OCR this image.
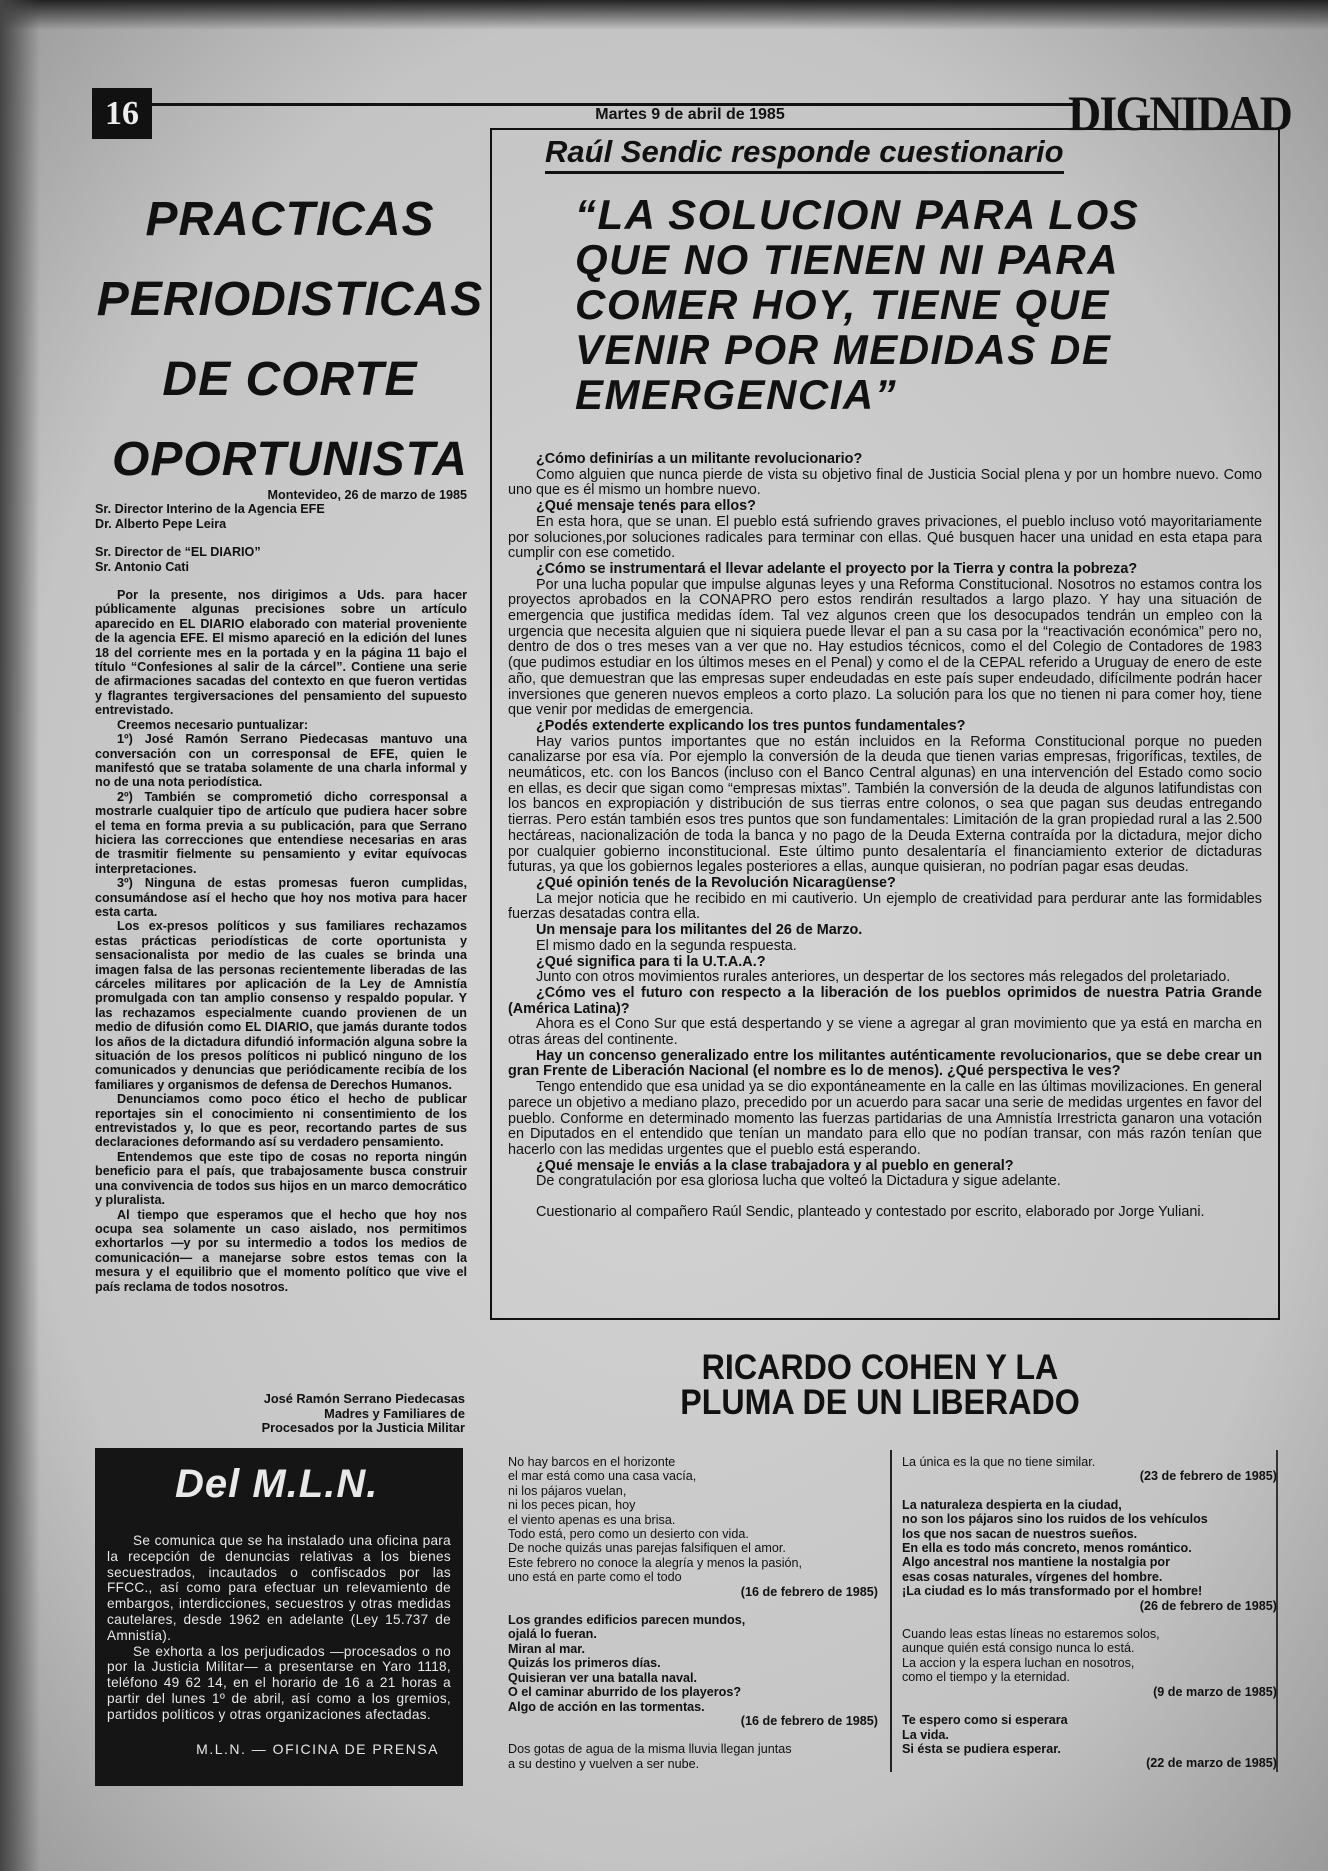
16	Martes 9 de abril de 1985	DIGNIDAD
PRACTICAS
PERIODISTICAS
DE CORTE
OPORTUNISTA
Montevideo, 26 de marzo de 1985
Sr. Director Interino de la Agencia EFE
Dr. Alberto Pepe Leira
Sr. Director de “EL DIARIO”
Sr. Antonio Cati

Por la presente, nos dirigimos a Uds. para hacer públicamente algunas precisiones sobre un artículo aparecido en EL DIARIO elaborado con material proveniente de la agencia EFE. El mismo apareció en la edición del lunes 18 del corriente mes en la portada y en la página 11 bajo el título “Confesiones al salir de la cárcel”. Contiene una serie de afirmaciones sacadas del contexto en que fueron vertidas y flagrantes tergiversaciones del pensamiento del supuesto entrevistado.

Creemos necesario puntualizar:

1º) José Ramón Serrano Piedecasas mantuvo una conversación con un corresponsal de EFE, quien le manifestó que se trataba solamente de una charla informal y no de una nota periodística.

2º) También se comprometió dicho corresponsal a mostrarle cualquier tipo de artículo que pudiera hacer sobre el tema en forma previa a su publicación, para que Serrano hiciera las correcciones que entendiese necesarias en aras de trasmitir fielmente su pensamiento y evitar equívocas interpretaciones.

3º) Ninguna de estas promesas fueron cumplidas, consumándose así el hecho que hoy nos motiva para hacer esta carta.

Los ex-presos políticos y sus familiares rechazamos estas prácticas periodísticas de corte oportunista y sensacionalista por medio de las cuales se brinda una imagen falsa de las personas recientemente liberadas de las cárceles militares por aplicación de la Ley de Amnistía promulgada con tan amplio consenso y respaldo popular. Y las rechazamos especialmente cuando provienen de un medio de difusión como EL DIARIO, que jamás durante todos los años de la dictadura difundió información alguna sobre la situación de los presos políticos ni publicó ninguno de los comunicados y denuncias que periódicamente recibía de los familiares y organismos de defensa de Derechos Humanos.

Denunciamos como poco ético el hecho de publicar reportajes sin el conocimiento ni consentimiento de los entrevistados y, lo que es peor, recortando partes de sus declaraciones deformando así su verdadero pensamiento.

Entendemos que este tipo de cosas no reporta ningún beneficio para el país, que trabajosamente busca construir una convivencia de todos sus hijos en un marco democrático y pluralista.

Al tiempo que esperamos que el hecho que hoy nos ocupa sea solamente un caso aislado, nos permitimos exhortarlos —y por su intermedio a todos los medios de comunicación— a manejarse sobre estos temas con la mesura y el equilibrio que el momento político que vive el país reclama de todos nosotros.

José Ramón Serrano Piedecasas
Madres y Familiares de
Procesados por la Justicia Militar
Del M.L.N.

Se comunica que se ha instalado una oficina para la recepción de denuncias relativas a los bienes secuestrados, incautados o confiscados por las FFCC., así como para efectuar un relevamiento de embargos, interdicciones, secuestros y otras medidas cautelares, desde 1962 en adelante (Ley 15.737 de Amnistía).

Se exhorta a los perjudicados —procesados o no por la Justicia Militar— a presentarse en Yaro 1118, teléfono 49 62 14, en el horario de 16 a 21 horas a partir del lunes 1º de abril, así como a los gremios, partidos políticos y otras organizaciones afectadas.

M.L.N. — OFICINA DE PRENSA
Raúl Sendic responde cuestionario
“LA SOLUCION PARA LOS
QUE NO TIENEN NI PARA
COMER HOY, TIENE QUE
VENIR POR MEDIDAS DE
EMERGENCIA”

¿Cómo definirías a un militante revolucionario?

Como alguien que nunca pierde de vista su objetivo final de Justicia Social plena y por un hombre nuevo. Como uno que es él mismo un hombre nuevo.

¿Qué mensaje tenés para ellos?

En esta hora, que se unan. El pueblo está sufriendo graves privaciones, el pueblo incluso votó mayoritariamente por soluciones,por soluciones radicales para terminar con ellas. Qué busquen hacer una unidad en esta etapa para cumplir con ese cometido.

¿Cómo se instrumentará el llevar adelante el proyecto por la Tierra y contra la pobreza?

Por una lucha popular que impulse algunas leyes y una Reforma Constitucional. Nosotros no estamos contra los proyectos aprobados en la CONAPRO pero estos rendirán resultados a largo plazo. Y hay una situación de emergencia que justifica medidas ídem. Tal vez algunos creen que los desocupados tendrán un empleo con la urgencia que necesita alguien que ni siquiera puede llevar el pan a su casa por la “reactivación económica” pero no, dentro de dos o tres meses van a ver que no. Hay estudios técnicos, como el del Colegio de Contadores de 1983 (que pudimos estudiar en los últimos meses en el Penal) y como el de la CEPAL referido a Uruguay de enero de este año, que demuestran que las empresas super endeudadas en este país super endeudado, difícilmente podrán hacer inversiones que generen nuevos empleos a corto plazo. La solución para los que no tienen ni para comer hoy, tiene que venir por medidas de emergencia.

¿Podés extenderte explicando los tres puntos fundamentales?

Hay varios puntos importantes que no están incluidos en la Reforma Constitucional porque no pueden canalizarse por esa vía. Por ejemplo la conversión de la deuda que tienen varias empresas, frigoríficas, textiles, de neumáticos, etc. con los Bancos (incluso con el Banco Central algunas) en una intervención del Estado como socio en ellas, es decir que sigan como “empresas mixtas”. También la conversión de la deuda de algunos latifundistas con los bancos en expropiación y distribución de sus tierras entre colonos, o sea que pagan sus deudas entregando tierras. Pero están también esos tres puntos que son fundamentales: Limitación de la gran propiedad rural a las 2.500 hectáreas, nacionalización de toda la banca y no pago de la Deuda Externa contraída por la dictadura, mejor dicho por cualquier gobierno inconstitucional. Este último punto desalentaría el financiamiento exterior de dictaduras futuras, ya que los gobiernos legales posteriores a ellas, aunque quisieran, no podrían pagar esas deudas.

¿Qué opinión tenés de la Revolución Nicaragüense?

La mejor noticia que he recibido en mi cautiverio. Un ejemplo de creatividad para perdurar ante las formidables fuerzas desatadas contra ella.

Un mensaje para los militantes del 26 de Marzo.

El mismo dado en la segunda respuesta.

¿Qué significa para ti la U.T.A.A.?

Junto con otros movimientos rurales anteriores, un despertar de los sectores más relegados del proletariado.

¿Cómo ves el futuro con respecto a la liberación de los pueblos oprimidos de nuestra Patria Grande (América Latina)?

Ahora es el Cono Sur que está despertando y se viene a agregar al gran movimiento que ya está en marcha en otras áreas del continente.

Hay un concenso generalizado entre los militantes auténticamente revolucionarios, que se debe crear un gran Frente de Liberación Nacional (el nombre es lo de menos). ¿Qué perspectiva le ves?

Tengo entendido que esa unidad ya se dio expontáneamente en la calle en las últimas movilizaciones. En general parece un objetivo a mediano plazo, precedido por un acuerdo para sacar una serie de medidas urgentes en favor del pueblo. Conforme en determinado momento las fuerzas partidarias de una Amnistía Irrestricta ganaron una votación en Diputados en el entendido que tenían un mandato para ello que no podían transar, con más razón tenían que hacerlo con las medidas urgentes que el pueblo está esperando.

¿Qué mensaje le enviás a la clase trabajadora y al pueblo en general?

De congratulación por esa gloriosa lucha que volteó la Dictadura y sigue adelante.

Cuestionario al compañero Raúl Sendic, planteado y contestado por escrito, elaborado por Jorge Yuliani.

RICARDO COHEN Y LA
PLUMA DE UN LIBERADO
No hay barcos en el horizonte
el mar está como una casa vacía,
ni los pájaros vuelan,
ni los peces pican, hoy
el viento apenas es una brisa.
Todo está, pero como un desierto con vida.
De noche quizás unas parejas falsifiquen el amor.
Este febrero no conoce la alegría y menos la pasión,
uno está en parte como el todo
(16 de febrero de 1985)
Los grandes edificios parecen mundos,
ojalá lo fueran.
Miran al mar.
Quizás los primeros días.
Quisieran ver una batalla naval.
O el caminar aburrido de los playeros?
Algo de acción en las tormentas.
(16 de febrero de 1985)
Dos gotas de agua de la misma lluvia llegan juntas
a su destino y vuelven a ser nube.
La única es la que no tiene similar.
(23 de febrero de 1985)
La naturaleza despierta en la ciudad,
no son los pájaros sino los ruidos de los vehículos
los que nos sacan de nuestros sueños.
En ella es todo más concreto, menos romántico.
Algo ancestral nos mantiene la nostalgia por
esas cosas naturales, vírgenes del hombre.
¡La ciudad es lo más transformado por el hombre!
(26 de febrero de 1985)
Cuando leas estas líneas no estaremos solos,
aunque quién está consigo nunca lo está.
La accion y la espera luchan en nosotros,
como el tiempo y la eternidad.
(9 de marzo de 1985)
Te espero como si esperara
La vida.
Si ésta se pudiera esperar.
(22 de marzo de 1985)
